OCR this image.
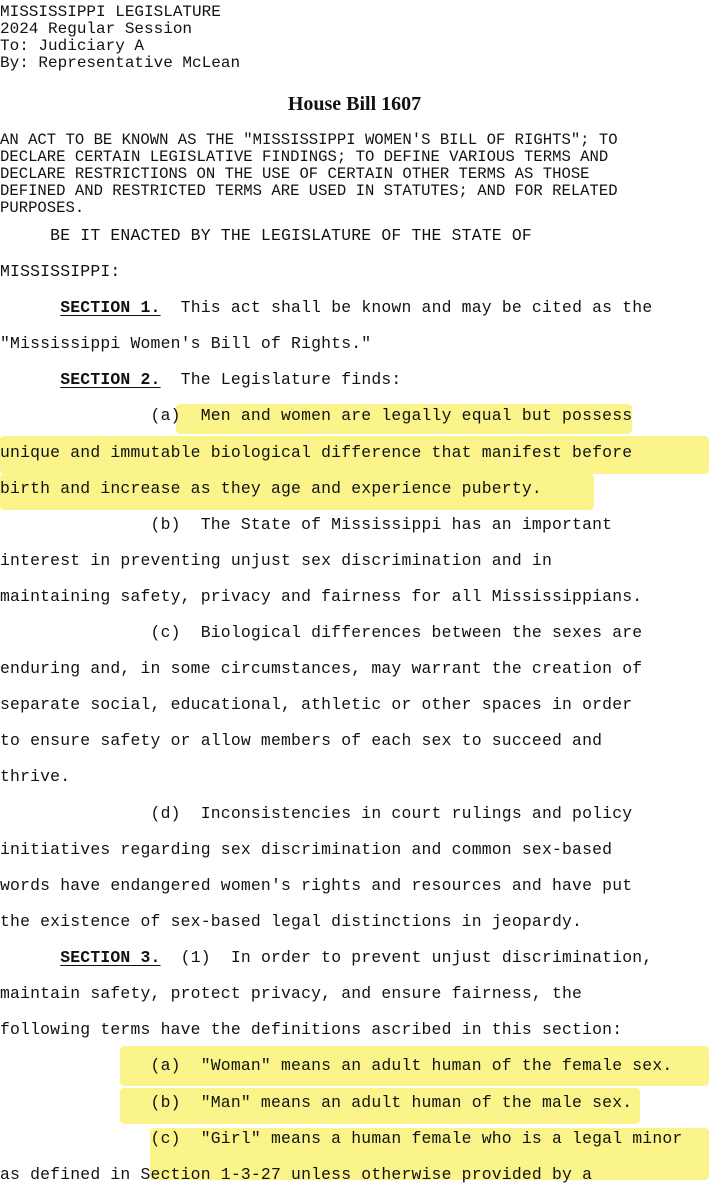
MISSISSIPPI LEGISLATURE
2024 Regular Session
To: Judiciary A
By: Representative McLean
House Bill 1607
AN ACT TO BE KNOWN AS THE "MISSISSIPPI WOMEN'S BILL OF RIGHTS"; TO
DECLARE CERTAIN LEGISLATIVE FINDINGS; TO DEFINE VARIOUS TERMS AND
DECLARE RESTRICTIONS ON THE USE OF CERTAIN OTHER TERMS AS THOSE
DEFINED AND RESTRICTED TERMS ARE USED IN STATUTES; AND FOR RELATED
PURPOSES.
BE IT ENACTED BY THE LEGISLATURE OF THE STATE OF
MISSISSIPPI:
SECTION 1.  This act shall be known and may be cited as the
"Mississippi Women's Bill of Rights."
SECTION 2.  The Legislature finds:
(a)  Men and women are legally equal but possess
unique and immutable biological difference that manifest before
birth and increase as they age and experience puberty.
(b)  The State of Mississippi has an important
interest in preventing unjust sex discrimination and in
maintaining safety, privacy and fairness for all Mississippians.
(c)  Biological differences between the sexes are
enduring and, in some circumstances, may warrant the creation of
separate social, educational, athletic or other spaces in order
to ensure safety or allow members of each sex to succeed and
thrive.
(d)  Inconsistencies in court rulings and policy
initiatives regarding sex discrimination and common sex-based
words have endangered women's rights and resources and have put
the existence of sex-based legal distinctions in jeopardy.
SECTION 3.  (1)  In order to prevent unjust discrimination,
maintain safety, protect privacy, and ensure fairness, the
following terms have the definitions ascribed in this section:
(a)  "Woman" means an adult human of the female sex.
(b)  "Man" means an adult human of the male sex.
(c)  "Girl" means a human female who is a legal minor
as defined in Section 1-3-27 unless otherwise provided by a
